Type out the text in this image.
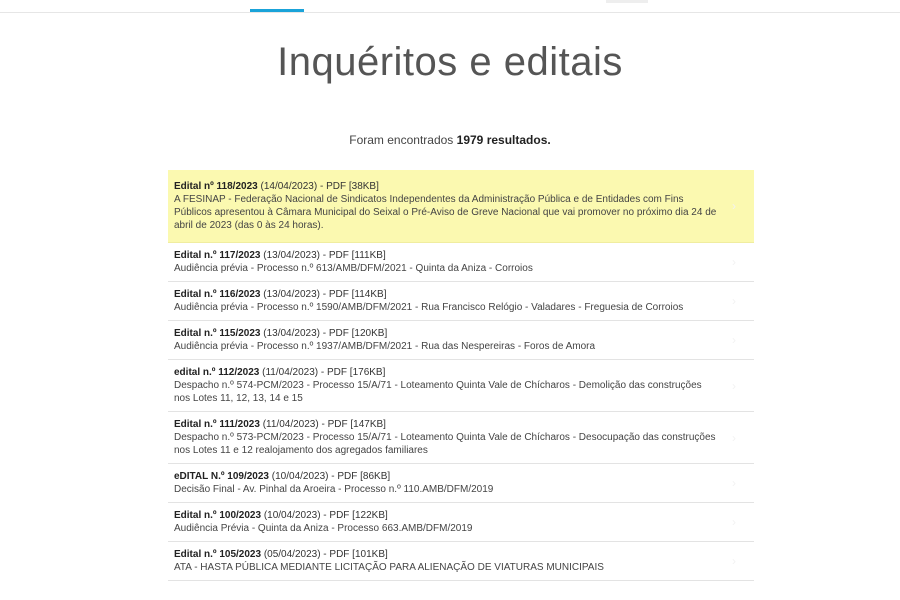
Inquéritos e editais
Foram encontrados 1979 resultados.
Edital nº 118/2023 (14/04/2023) - PDF [38KB]
A FESINAP - Federação Nacional de Sindicatos Independentes da Administração Pública e de Entidades com Fins Públicos apresentou à Câmara Municipal do Seixal o Pré-Aviso de Greve Nacional que vai promover no próximo dia 24 de abril de 2023 (das 0 às 24 horas).
›
Edital n.º 117/2023 (13/04/2023) - PDF [111KB]
Audiência prévia - Processo n.º 613/AMB/DFM/2021 - Quinta da Aniza - Corroios	›
Edital n.º 116/2023 (13/04/2023) - PDF [114KB]
Audiência prévia - Processo n.º 1590/AMB/DFM/2021 - Rua Francisco Relógio - Valadares - Freguesia de Corroios	›
Edital n.º 115/2023 (13/04/2023) - PDF [120KB]
Audiência prévia - Processo n.º 1937/AMB/DFM/2021 - Rua das Nespereiras - Foros de Amora	›
edital n.º 112/2023 (11/04/2023) - PDF [176KB]
Despacho n.º 574-PCM/2023 - Processo 15/A/71 - Loteamento Quinta Vale de Chícharos - Demolição das construções nos Lotes 11, 12, 13, 14 e 15
›
Edital n.º 111/2023 (11/04/2023) - PDF [147KB]
Despacho n.º 573-PCM/2023 - Processo 15/A/71 - Loteamento Quinta Vale de Chícharos - Desocupação das construções nos Lotes 11 e 12 realojamento dos agregados familiares
›
eDITAL N.º 109/2023 (10/04/2023) - PDF [86KB]
Decisão Final - Av. Pinhal da Aroeira - Processo n.º 110.AMB/DFM/2019	›
Edital n.º 100/2023 (10/04/2023) - PDF [122KB]
Audiência Prévia - Quinta da Aniza - Processo 663.AMB/DFM/2019	›
Edital n.º 105/2023 (05/04/2023) - PDF [101KB]
ATA - HASTA PÚBLICA MEDIANTE LICITAÇÃO PARA ALIENAÇÃO DE VIATURAS MUNICIPAIS	›
